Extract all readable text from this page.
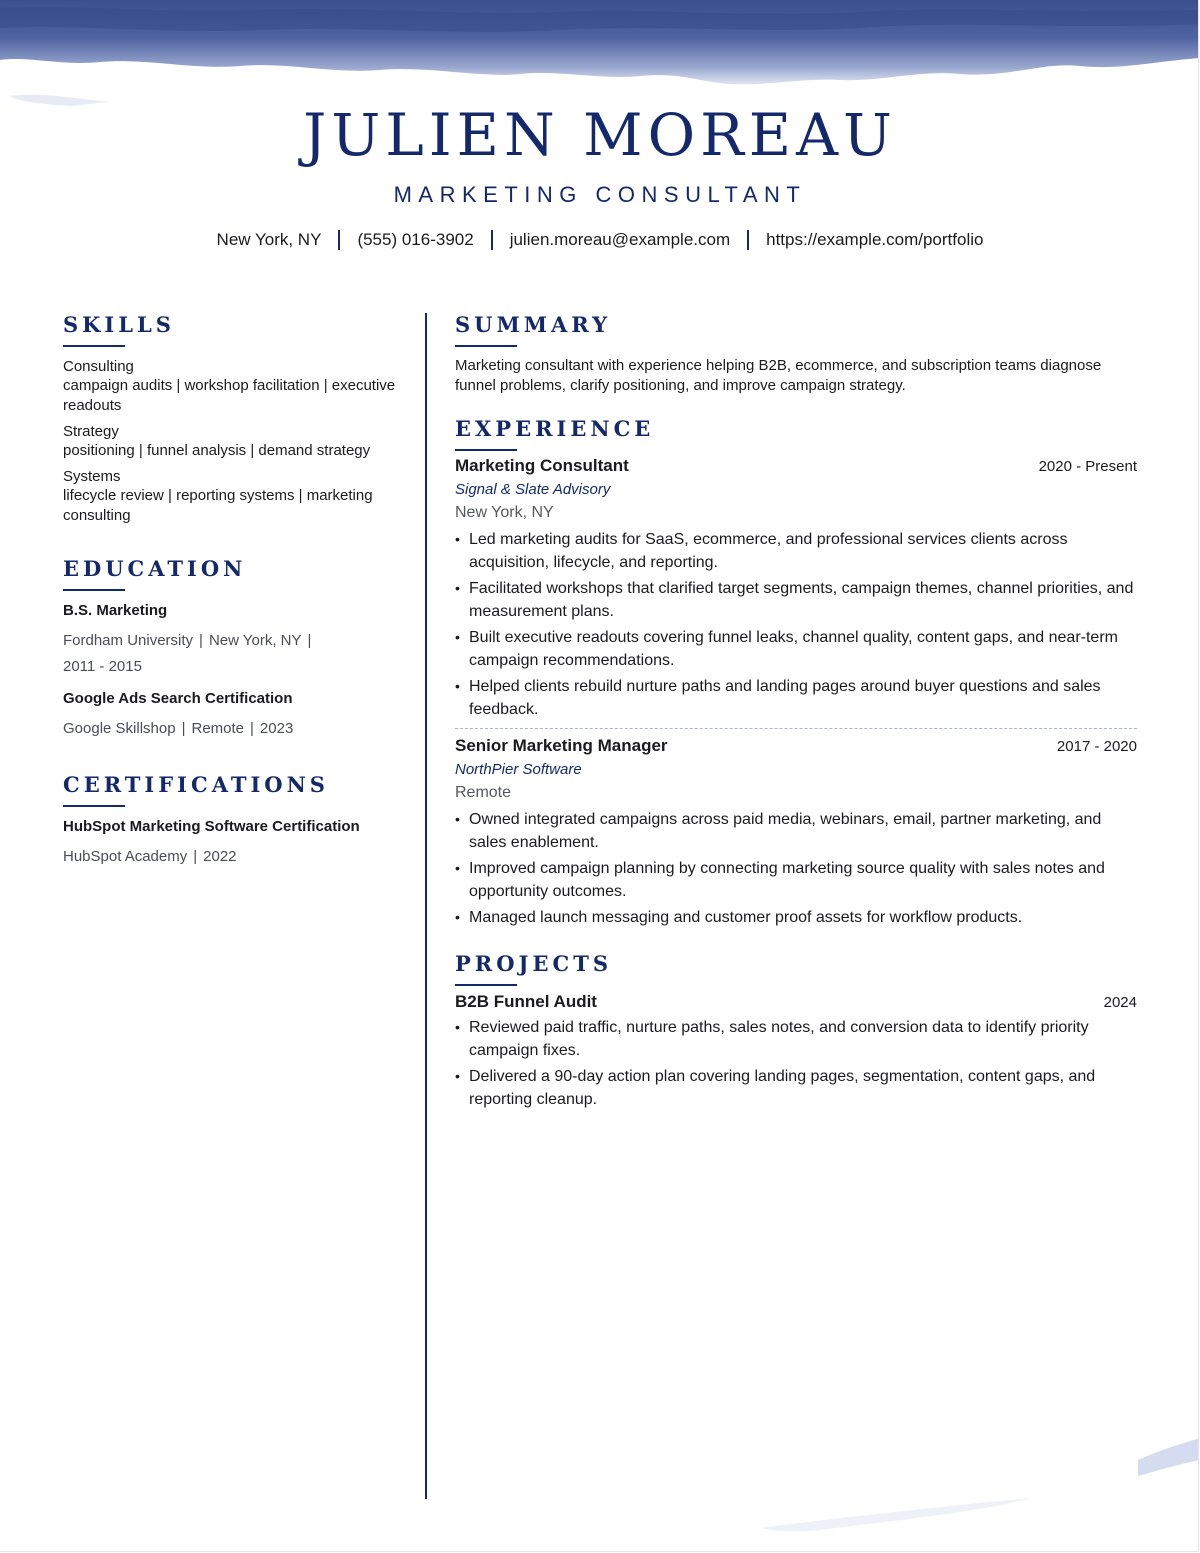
JULIEN MOREAU
MARKETING CONSULTANT
New York, NY (555) 016-3902 julien.moreau@example.com https://example.com/portfolio
SKILLS
Consulting
campaign audits | workshop facilitation | executive readouts
Strategy
positioning | funnel analysis | demand strategy
Systems
lifecycle review | reporting systems | marketing consulting
EDUCATION
B.S. Marketing
Fordham University | New York, NY |
2011 - 2015
Google Ads Search Certification
Google Skillshop | Remote | 2023
CERTIFICATIONS
HubSpot Marketing Software Certification
HubSpot Academy | 2022
SUMMARY
Marketing consultant with experience helping B2B, ecommerce, and subscription teams diagnose funnel problems, clarify positioning, and improve campaign strategy.
EXPERIENCE
Marketing Consultant	2020 - Present
Signal & Slate Advisory
New York, NY
• Led marketing audits for SaaS, ecommerce, and professional services clients across acquisition, lifecycle, and reporting.
• Facilitated workshops that clarified target segments, campaign themes, channel priorities, and measurement plans.
• Built executive readouts covering funnel leaks, channel quality, content gaps, and near-term campaign recommendations.
• Helped clients rebuild nurture paths and landing pages around buyer questions and sales feedback.
Senior Marketing Manager	2017 - 2020
NorthPier Software
Remote
• Owned integrated campaigns across paid media, webinars, email, partner marketing, and sales enablement.
• Improved campaign planning by connecting marketing source quality with sales notes and opportunity outcomes.
• Managed launch messaging and customer proof assets for workflow products.
PROJECTS
B2B Funnel Audit	2024
• Reviewed paid traffic, nurture paths, sales notes, and conversion data to identify priority campaign fixes.
• Delivered a 90-day action plan covering landing pages, segmentation, content gaps, and reporting cleanup.
